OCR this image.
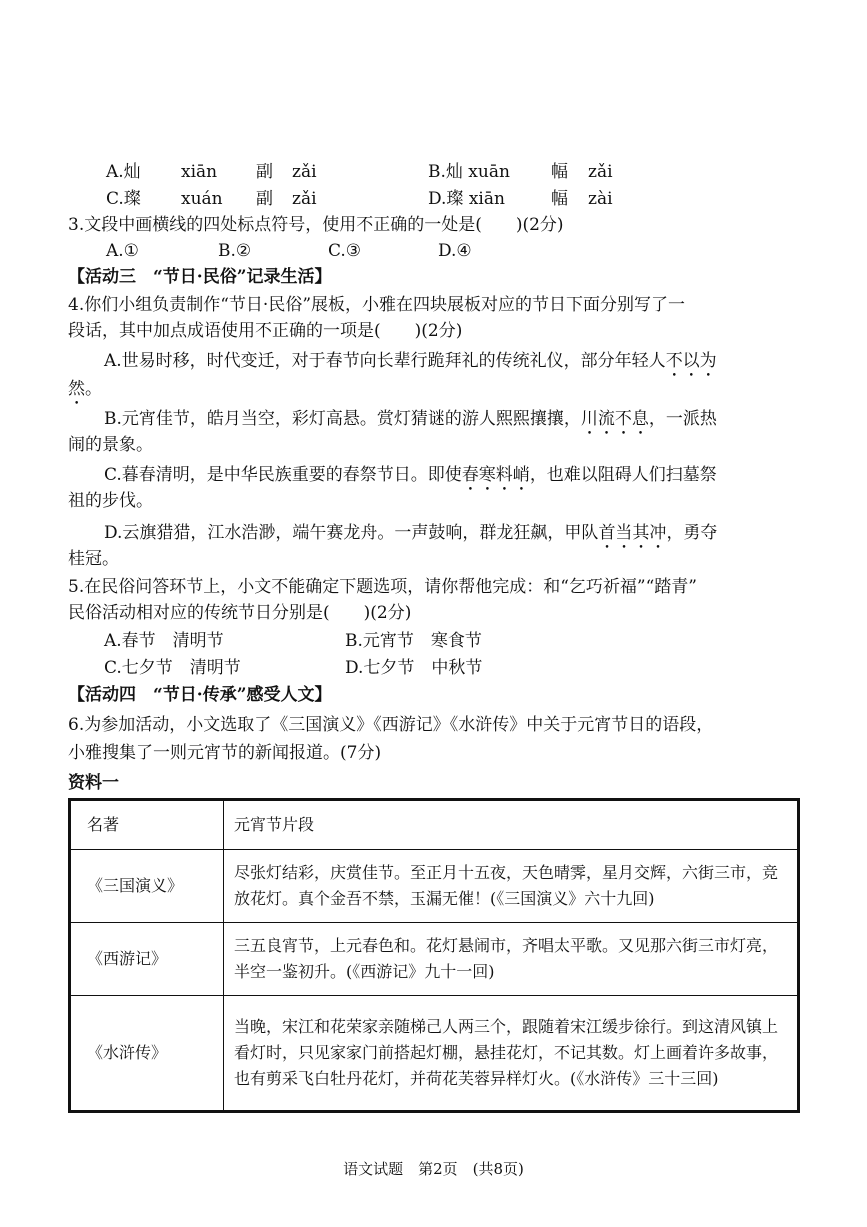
A.灿 xiān 副 zǎi	B.灿 xuān 幅 zǎi
C.璨 xuán 副 zǎi	D.璨 xiān	幅 zài
3.文段中画横线的四处标点符号，使用不正确的一处是(　　)(2分)
A.①	B.②	C.③	D.④
【活动三　“节日·民俗”记录生活】
4.你们小组负责制作“节日·民俗”展板，小雅在四块展板对应的节日下面分别写了一
段话，其中加点成语使用不正确的一项是(　　)(2分)
A.世易时移，时代变迁，对于春节向长辈行跪拜礼的传统礼仪，部分年轻人不以为
然。
B.元宵佳节，皓月当空，彩灯高悬。赏灯猜谜的游人熙熙攘攘，川流不息，一派热
闹的景象。
C.暮春清明，是中华民族重要的春祭节日。即使春寒料峭，也难以阻碍人们扫墓祭
祖的步伐。
D.云旗猎猎，江水浩渺，端午赛龙舟。一声鼓响，群龙狂飙，甲队首当其冲，勇夺
桂冠。
5.在民俗问答环节上，小文不能确定下题选项，请你帮他完成：和“乞巧祈福”“踏青”
民俗活动相对应的传统节日分别是(　　)(2分)
A.春节　清明节	B.元宵节　寒食节
C.七夕节　清明节	D.七夕节　中秋节
【活动四　“节日·传承”感受人文】
6.为参加活动，小文选取了《三国演义》《西游记》《水浒传》中关于元宵节日的语段，
小雅搜集了一则元宵节的新闻报道。(7分)
资料一
名著	元宵节片段
《三国演义》	尽张灯结彩，庆赏佳节。至正月十五夜，天色晴霁，星月交辉，六街三市，竞放花灯。真个金吾不禁，玉漏无催！(《三国演义》六十九回)
《西游记》	三五良宵节，上元春色和。花灯悬闹市，齐唱太平歌。又见那六街三市灯亮，半空一鉴初升。(《西游记》九十一回)
《水浒传》	当晚，宋江和花荣家亲随梯己人两三个，跟随着宋江缓步徐行。到这清风镇上看灯时，只见家家门前搭起灯棚，悬挂花灯，不记其数。灯上画着许多故事，也有剪采飞白牡丹花灯，并荷花芙蓉异样灯火。(《水浒传》三十三回)
语文试题　第2页　(共8页)
